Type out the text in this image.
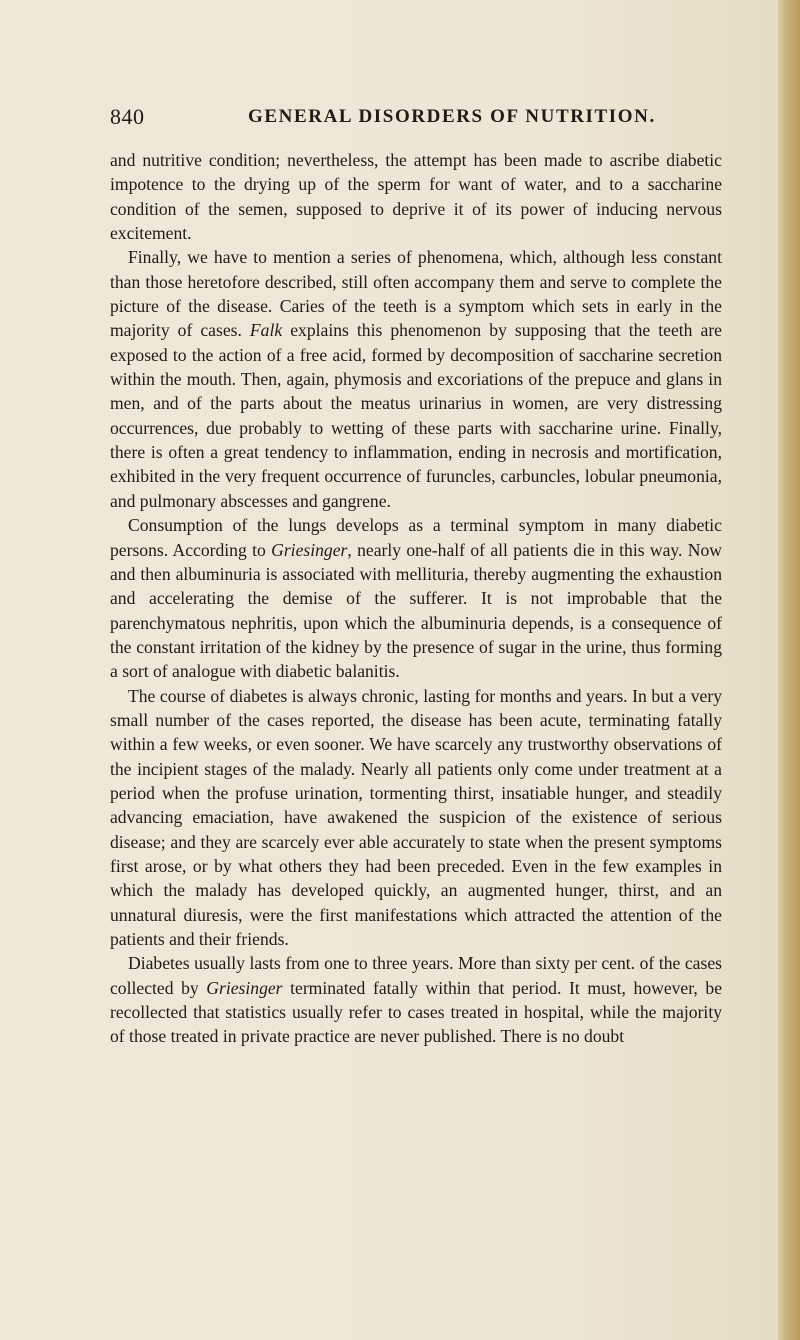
840	GENERAL DISORDERS OF NUTRITION.

and nutritive condition; nevertheless, the attempt has been made to ascribe diabetic impotence to the drying up of the sperm for want of water, and to a saccharine condition of the semen, supposed to deprive it of its power of inducing nervous excitement.

Finally, we have to mention a series of phenomena, which, although less constant than those heretofore described, still often accompany them and serve to complete the picture of the disease. Caries of the teeth is a symptom which sets in early in the majority of cases. Falk explains this phenomenon by supposing that the teeth are exposed to the action of a free acid, formed by decomposition of saccharine secretion within the mouth. Then, again, phymosis and excoriations of the prepuce and glans in men, and of the parts about the meatus urinarius in women, are very distressing occurrences, due probably to wetting of these parts with saccharine urine. Finally, there is often a great tendency to inflammation, ending in necrosis and mortification, exhibited in the very frequent occurrence of furuncles, carbuncles, lobular pneumonia, and pulmonary abscesses and gangrene.

Consumption of the lungs develops as a terminal symptom in many diabetic persons. According to Griesinger, nearly one-half of all patients die in this way. Now and then albuminuria is associated with mellituria, thereby augmenting the exhaustion and accelerating the demise of the sufferer. It is not improbable that the parenchymatous nephritis, upon which the albuminuria depends, is a consequence of the constant irritation of the kidney by the presence of sugar in the urine, thus forming a sort of analogue with diabetic balanitis.

The course of diabetes is always chronic, lasting for months and years. In but a very small number of the cases reported, the disease has been acute, terminating fatally within a few weeks, or even sooner. We have scarcely any trustworthy observations of the incipient stages of the malady. Nearly all patients only come under treatment at a period when the profuse urination, tormenting thirst, insatiable hunger, and steadily advancing emaciation, have awakened the suspicion of the existence of serious disease; and they are scarcely ever able accurately to state when the present symptoms first arose, or by what others they had been preceded. Even in the few examples in which the malady has developed quickly, an augmented hunger, thirst, and an unnatural diuresis, were the first manifestations which attracted the attention of the patients and their friends.

Diabetes usually lasts from one to three years. More than sixty per cent. of the cases collected by Griesinger terminated fatally within that period. It must, however, be recollected that statistics usually refer to cases treated in hospital, while the majority of those treated in private practice are never published. There is no doubt
